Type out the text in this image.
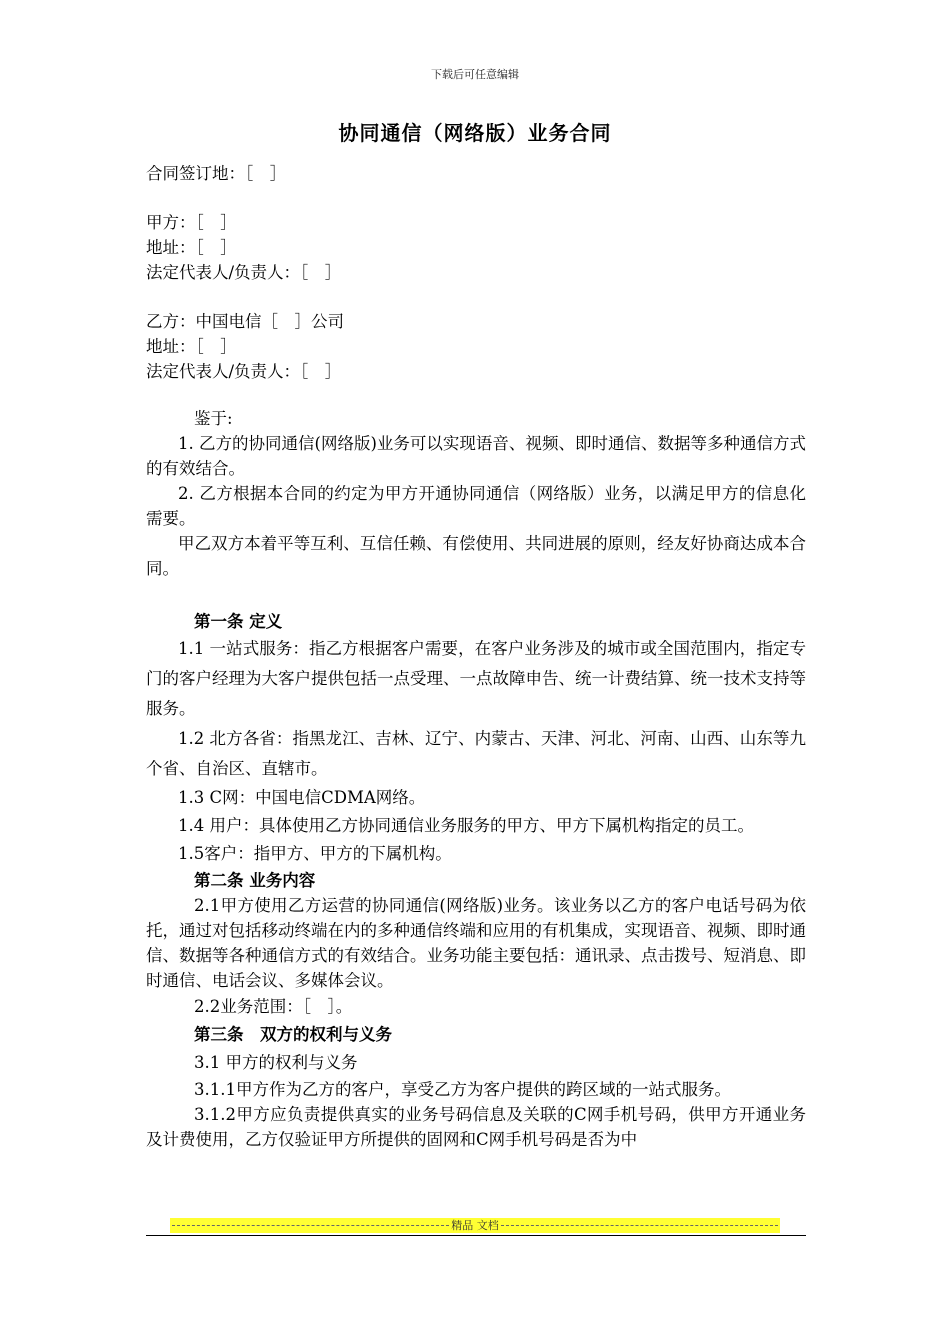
下载后可任意编辑
协同通信（网络版）业务合同

合同签订地：［　］

甲方：［　］

地址：［　］

法定代表人/负责人：［　］

乙方：中国电信［　］公司

地址：［　］

法定代表人/负责人：［　］

鉴于:

1. 乙方的协同通信(网络版)业务可以实现语音、视频、即时通信、数据等多种通信方式的有效结合。

2. 乙方根据本合同的约定为甲方开通协同通信（网络版）业务，以满足甲方的信息化需要。

甲乙双方本着平等互利、互信任赖、有偿使用、共同进展的原则，经友好协商达成本合同。

第一条 定义

1.1 一站式服务：指乙方根据客户需要，在客户业务涉及的城市或全国范围内，指定专门的客户经理为大客户提供包括一点受理、一点故障申告、统一计费结算、统一技术支持等服务。

1.2 北方各省：指黑龙江、吉林、辽宁、内蒙古、天津、河北、河南、山西、山东等九个省、自治区、直辖市。

1.3 C网：中国电信CDMA网络。

1.4 用户：具体使用乙方协同通信业务服务的甲方、甲方下属机构指定的员工。

1.5客户：指甲方、甲方的下属机构。

第二条 业务内容

2.1甲方使用乙方运营的协同通信(网络版)业务。该业务以乙方的客户电话号码为依托，通过对包括移动终端在内的多种通信终端和应用的有机集成，实现语音、视频、即时通信、数据等各种通信方式的有效结合。业务功能主要包括：通讯录、点击拨号、短消息、即时通信、电话会议、多媒体会议。

2.2业务范围：［　］。

第三条　双方的权利与义务

3.1 甲方的权利与义务

3.1.1甲方作为乙方的客户，享受乙方为客户提供的跨区域的一站式服务。

3.1.2甲方应负责提供真实的业务号码信息及关联的C网手机号码，供甲方开通业务及计费使用，乙方仅验证甲方所提供的固网和C网手机号码是否为中

精品 文档
